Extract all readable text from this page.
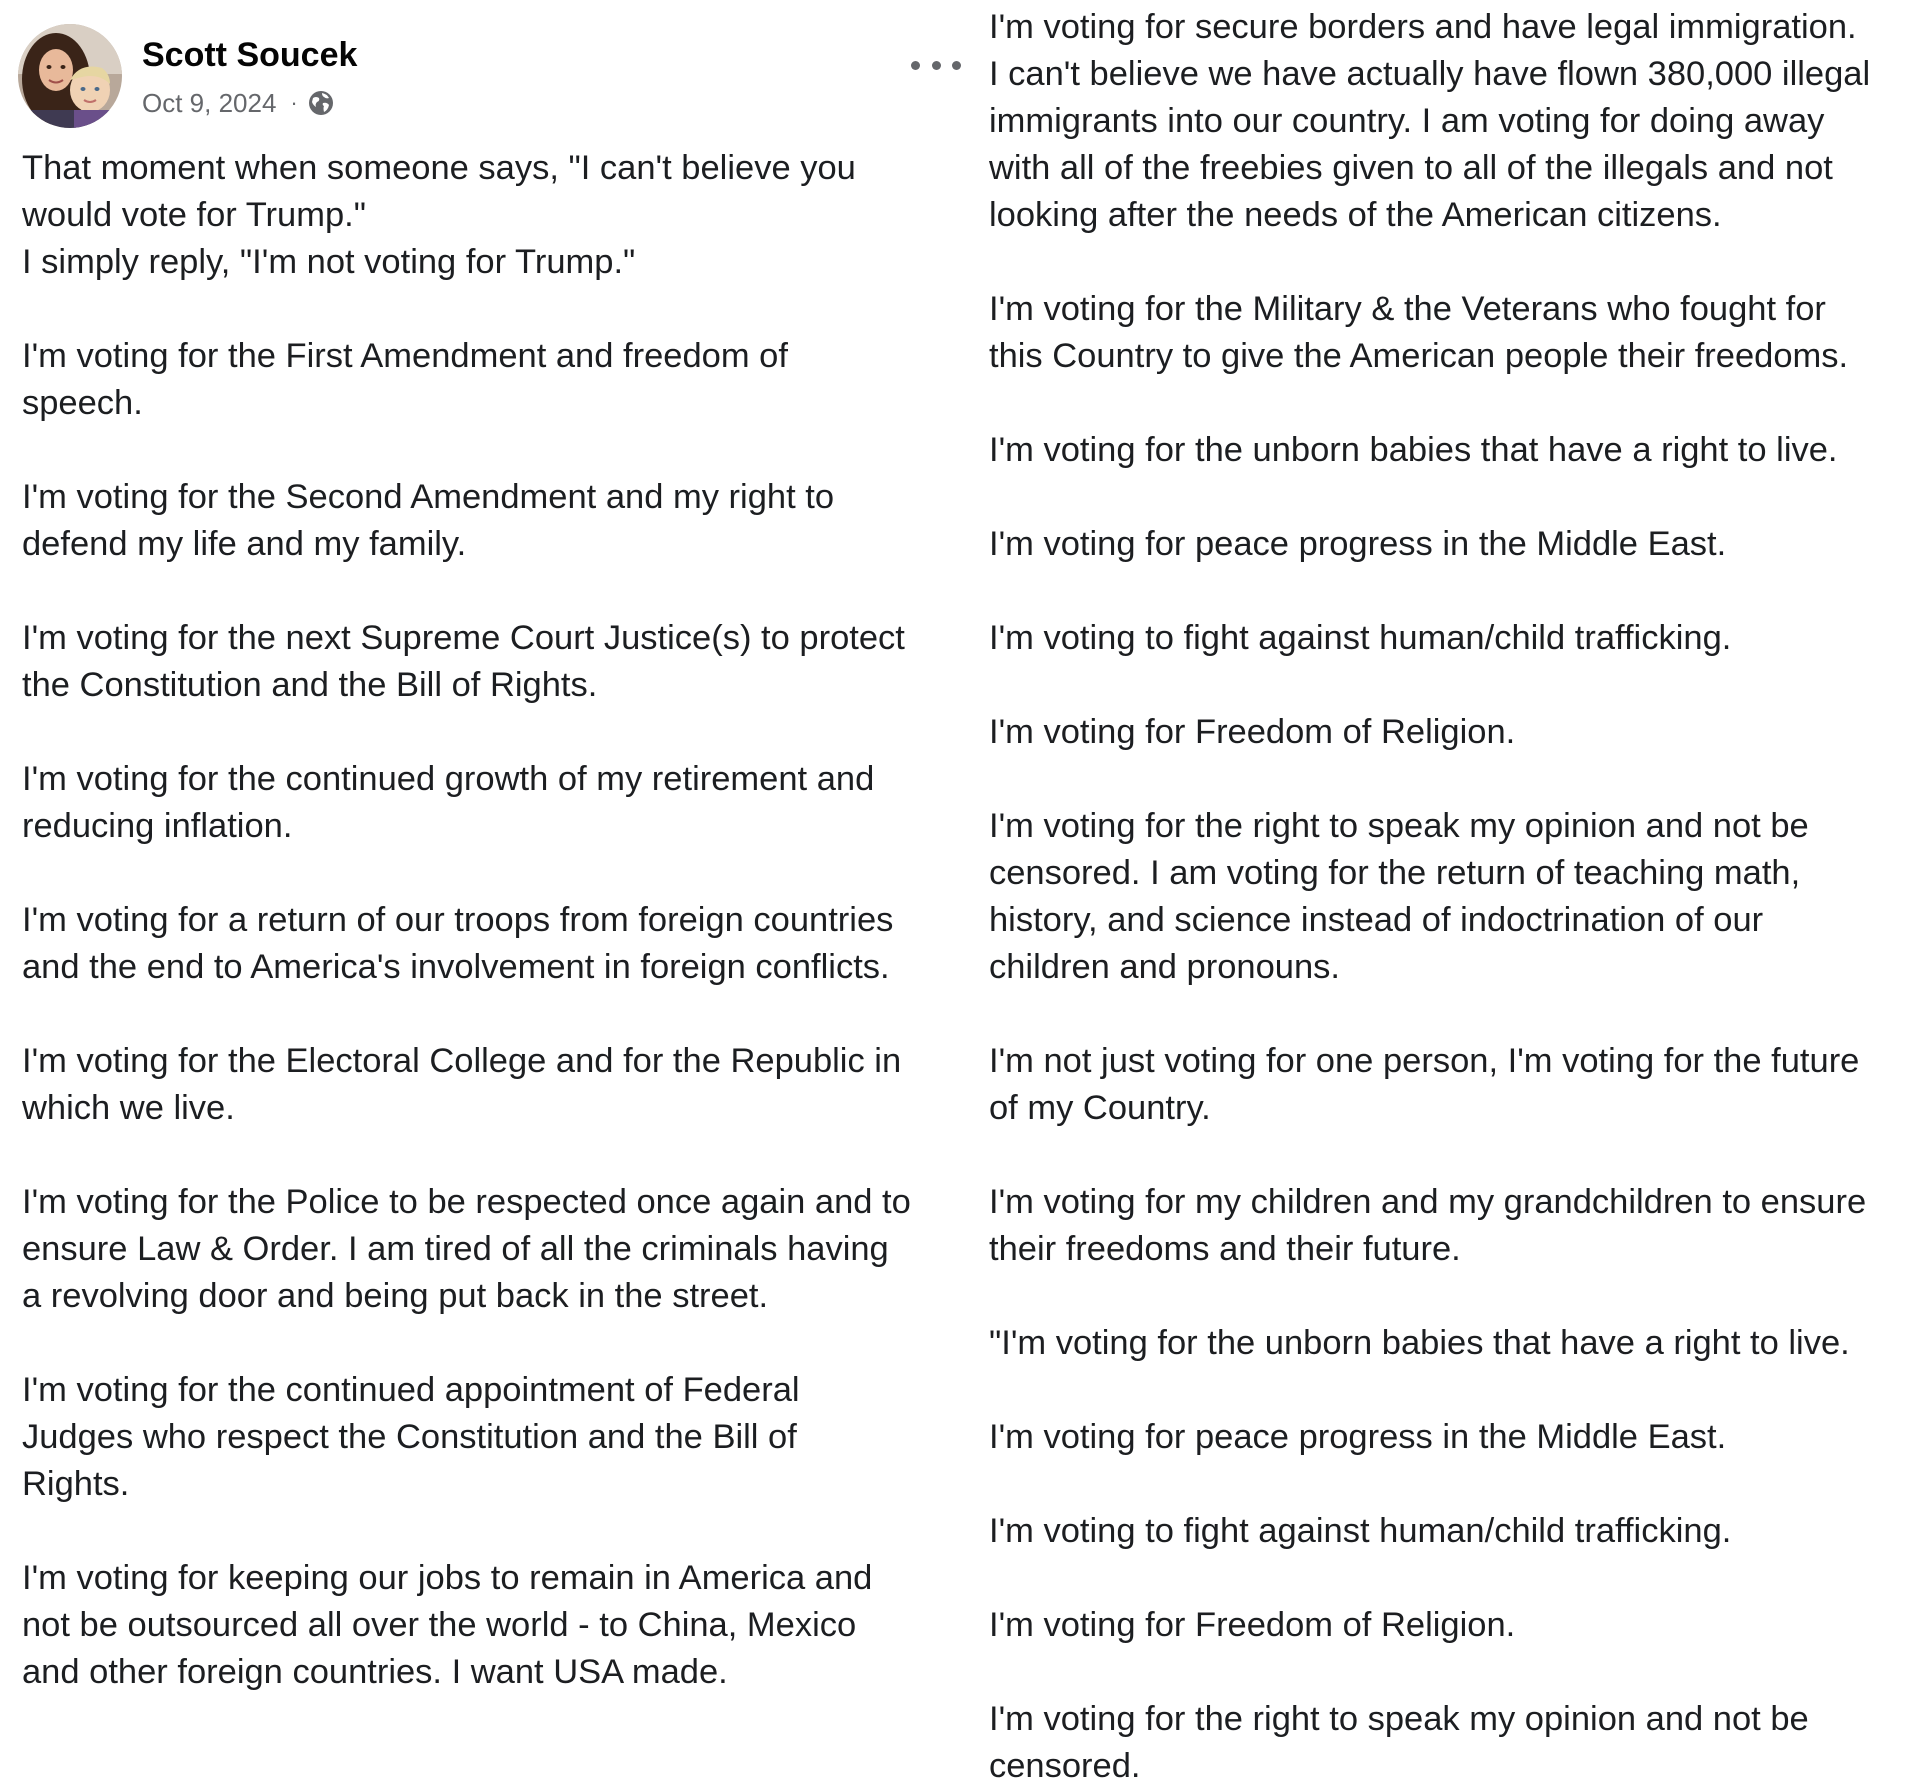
Scott Soucek
Oct 9, 2024 ·

That moment when someone says, "I can't believe you
would vote for Trump."
I simply reply, "I'm not voting for Trump."

I'm voting for the First Amendment and freedom of
speech.

I'm voting for the Second Amendment and my right to
defend my life and my family.

I'm voting for the next Supreme Court Justice(s) to protect
the Constitution and the Bill of Rights.

I'm voting for the continued growth of my retirement and
reducing inflation.

I'm voting for a return of our troops from foreign countries
and the end to America's involvement in foreign conflicts.

I'm voting for the Electoral College and for the Republic in
which we live.

I'm voting for the Police to be respected once again and to
ensure Law & Order. I am tired of all the criminals having
a revolving door and being put back in the street.

I'm voting for the continued appointment of Federal
Judges who respect the Constitution and the Bill of
Rights.

I'm voting for keeping our jobs to remain in America and
not be outsourced all over the world - to China, Mexico
and other foreign countries. I want USA made.

I'm voting for secure borders and have legal immigration.
I can't believe we have actually have flown 380,000 illegal
immigrants into our country. I am voting for doing away
with all of the freebies given to all of the illegals and not
looking after the needs of the American citizens.

I'm voting for the Military & the Veterans who fought for
this Country to give the American people their freedoms.

I'm voting for the unborn babies that have a right to live.

I'm voting for peace progress in the Middle East.

I'm voting to fight against human/child trafficking.

I'm voting for Freedom of Religion.

I'm voting for the right to speak my opinion and not be
censored. I am voting for the return of teaching math,
history, and science instead of indoctrination of our
children and pronouns.

I'm not just voting for one person, I'm voting for the future
of my Country.

I'm voting for my children and my grandchildren to ensure
their freedoms and their future.

"I'm voting for the unborn babies that have a right to live.

I'm voting for peace progress in the Middle East.

I'm voting to fight against human/child trafficking.

I'm voting for Freedom of Religion.

I'm voting for the right to speak my opinion and not be
censored.
